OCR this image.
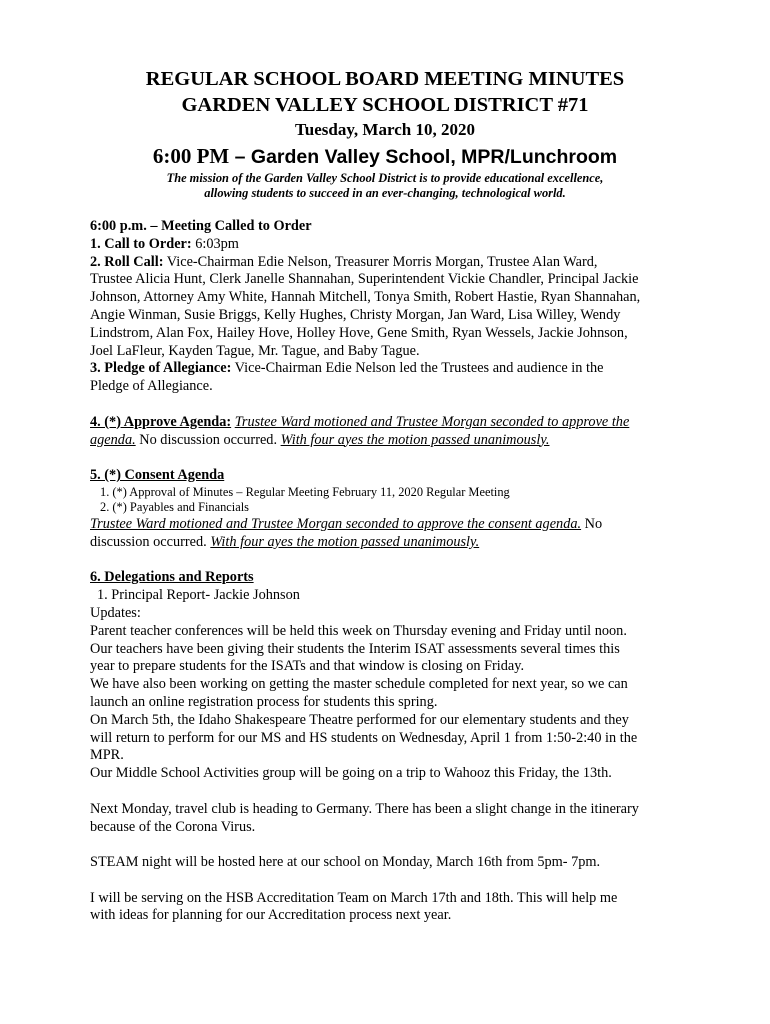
REGULAR SCHOOL BOARD MEETING MINUTES
GARDEN VALLEY SCHOOL DISTRICT #71
Tuesday, March 10, 2020
6:00 PM – Garden Valley School, MPR/Lunchroom
The mission of the Garden Valley School District is to provide educational excellence,
allowing students to succeed in an ever-changing, technological world.

6:00 p.m. – Meeting Called to Order

1. Call to Order: 6:03pm

2. Roll Call: Vice-Chairman Edie Nelson, Treasurer Morris Morgan, Trustee Alan Ward,

Trustee Alicia Hunt, Clerk Janelle Shannahan, Superintendent Vickie Chandler, Principal Jackie

Johnson, Attorney Amy White, Hannah Mitchell, Tonya Smith, Robert Hastie, Ryan Shannahan,

Angie Winman, Susie Briggs, Kelly Hughes, Christy Morgan, Jan Ward, Lisa Willey, Wendy

Lindstrom, Alan Fox, Hailey Hove, Holley Hove, Gene Smith, Ryan Wessels, Jackie Johnson,

Joel LaFleur, Kayden Tague, Mr. Tague, and Baby Tague.

3. Pledge of Allegiance: Vice-Chairman Edie Nelson led the Trustees and audience in the

Pledge of Allegiance.

4. (*) Approve Agenda: Trustee Ward motioned and Trustee Morgan seconded to approve the

agenda. No discussion occurred. With four ayes the motion passed unanimously.

5. (*) Consent Agenda

1. (*) Approval of Minutes – Regular Meeting February 11, 2020 Regular Meeting

2. (*) Payables and Financials

Trustee Ward motioned and Trustee Morgan seconded to approve the consent agenda. No

discussion occurred. With four ayes the motion passed unanimously.

6. Delegations and Reports

1. Principal Report- Jackie Johnson

Updates:

Parent teacher conferences will be held this week on Thursday evening and Friday until noon.

Our teachers have been giving their students the Interim ISAT assessments several times this

year to prepare students for the ISATs and that window is closing on Friday.

We have also been working on getting the master schedule completed for next year, so we can

launch an online registration process for students this spring.

On March 5th, the Idaho Shakespeare Theatre performed for our elementary students and they

will return to perform for our MS and HS students on Wednesday, April 1 from 1:50-2:40 in the

MPR.

Our Middle School Activities group will be going on a trip to Wahooz this Friday, the 13th.

Next Monday, travel club is heading to Germany. There has been a slight change in the itinerary

because of the Corona Virus.

STEAM night will be hosted here at our school on Monday, March 16th from 5pm- 7pm.

I will be serving on the HSB Accreditation Team on March 17th and 18th. This will help me

with ideas for planning for our Accreditation process next year.
